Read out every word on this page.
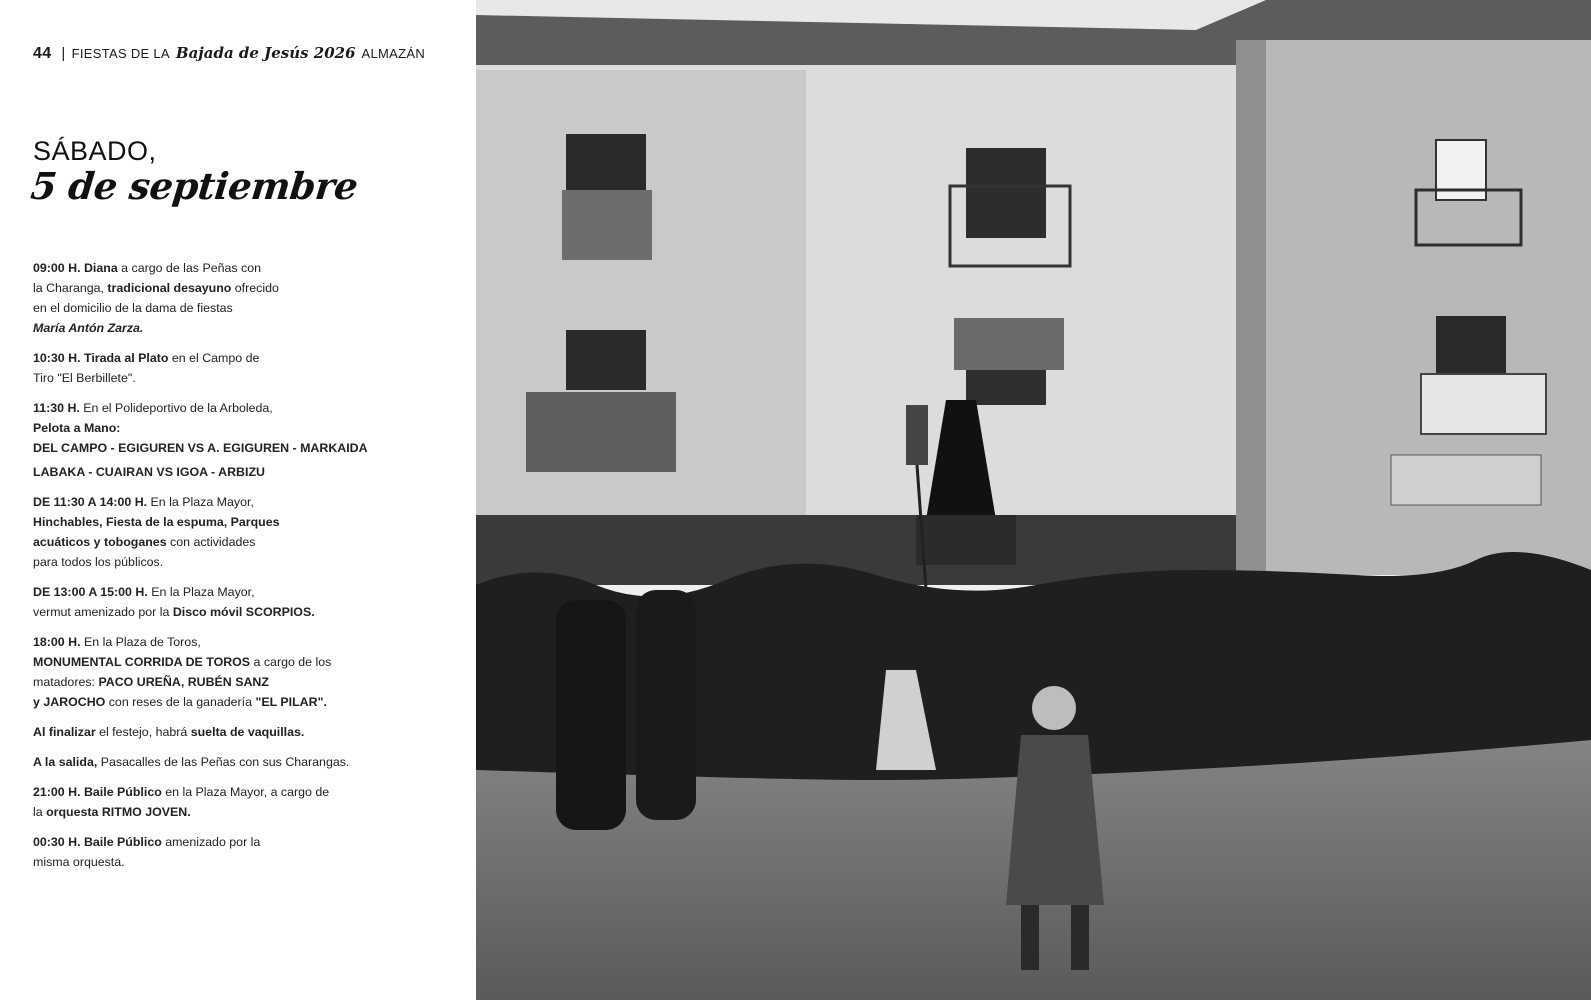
44 | FIESTAS DE LA Bajada de Jesús 2026 ALMAZÁN
SÁBADO,
5 de septiembre
09:00 H. Diana a cargo de las Peñas con
la Charanga, tradicional desayuno ofrecido
en el domicilio de la dama de fiestas
María Antón Zarza.
10:30 H. Tirada al Plato en el Campo de
Tiro "El Berbillete".
11:30 H. En el Polideportivo de la Arboleda,
Pelota a Mano:
DEL CAMPO - EGIGUREN VS A. EGIGUREN - MARKAIDA
LABAKA - CUAIRAN VS IGOA - ARBIZU
DE 11:30 A 14:00 H. En la Plaza Mayor,
Hinchables, Fiesta de la espuma, Parques
acuáticos y toboganes con actividades
para todos los públicos.
DE 13:00 A 15:00 H. En la Plaza Mayor,
vermut amenizado por la Disco móvil SCORPIOS.
18:00 H. En la Plaza de Toros,
MONUMENTAL CORRIDA DE TOROS a cargo de los
matadores: PACO UREÑA, RUBÉN SANZ
y JAROCHO con reses de la ganadería "EL PILAR".
Al finalizar el festejo, habrá suelta de vaquillas.
A la salida, Pasacalles de las Peñas con sus Charangas.
21:00 H. Baile Público en la Plaza Mayor, a cargo de
la orquesta RITMO JOVEN.
00:30 H. Baile Público amenizado por la
misma orquesta.
